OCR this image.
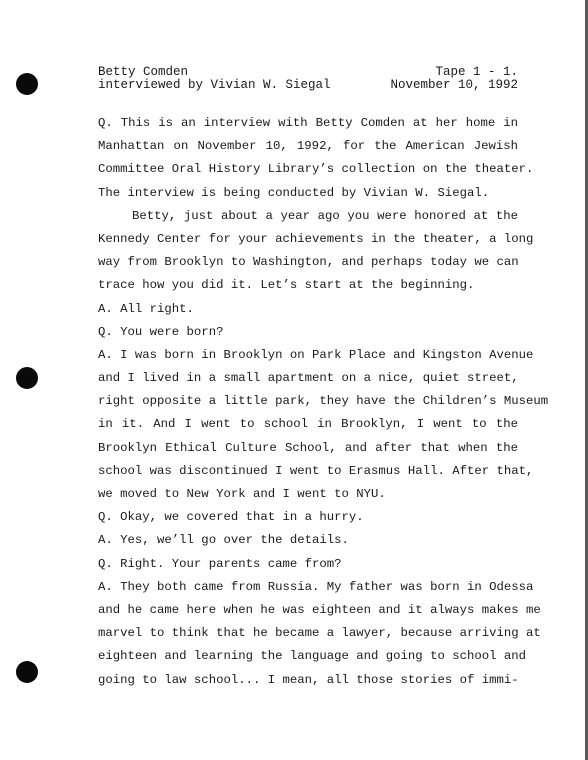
Betty Comden	Tape 1 - 1.
interviewed by Vivian W. Siegal	November 10, 1992
Q. This is an interview with Betty Comden at her home in
Manhattan on November 10, 1992, for the American Jewish
Committee Oral History Library’s collection on the theater.
The interview is being conducted by Vivian W. Siegal.
Betty, just about a year ago you were honored at the
Kennedy Center for your achievements in the theater, a long
way from Brooklyn to Washington, and perhaps today we can
trace how you did it. Let’s start at the beginning.
A. All right.
Q. You were born?
A. I was born in Brooklyn on Park Place and Kingston Avenue
and I lived in a small apartment on a nice, quiet street,
right opposite a little park, they have the Children’s Museum
in it. And I went to school in Brooklyn, I went to the
Brooklyn Ethical Culture School, and after that when the
school was discontinued I went to Erasmus Hall. After that,
we moved to New York and I went to NYU.
Q. Okay, we covered that in a hurry.
A. Yes, we’ll go over the details.
Q. Right. Your parents came from?
A. They both came from Russia. My father was born in Odessa
and he came here when he was eighteen and it always makes me
marvel to think that he became a lawyer, because arriving at
eighteen and learning the language and going to school and
going to law school... I mean, all those stories of immi-
